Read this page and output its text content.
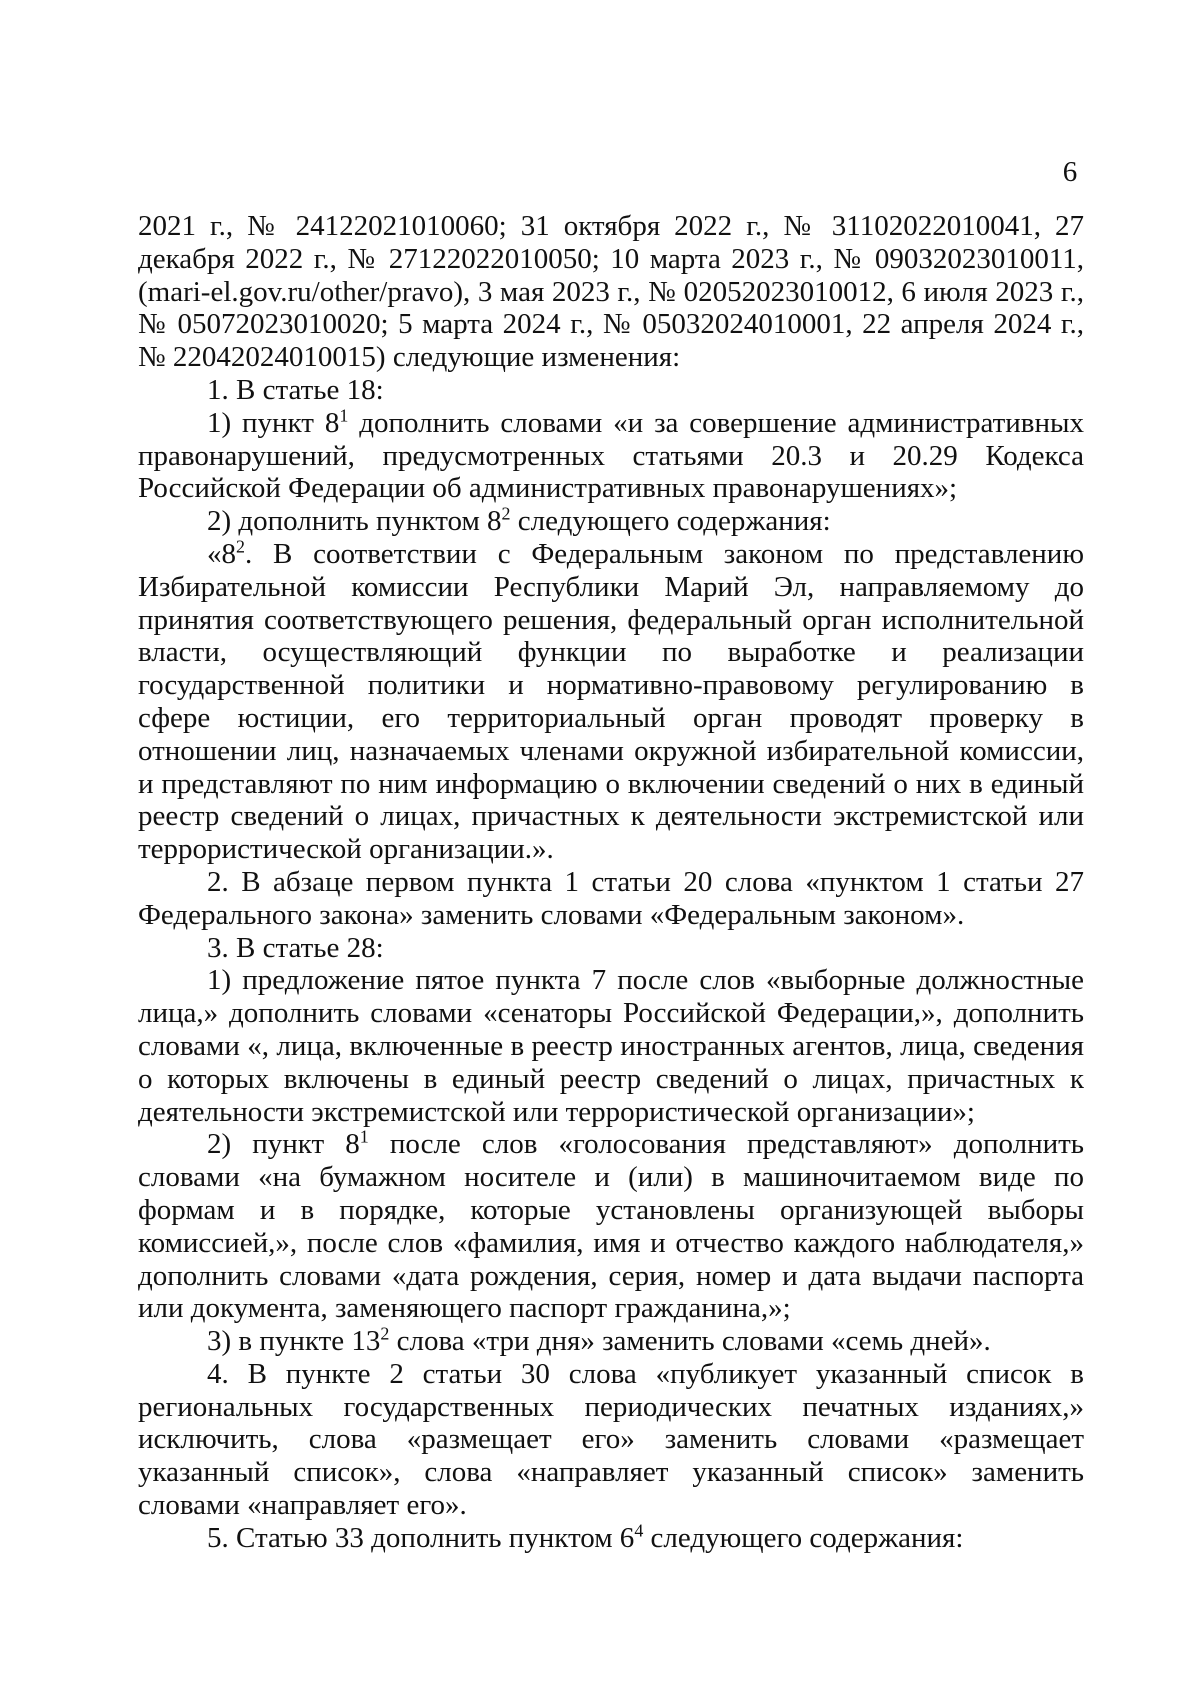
6

2021 г., № 24122021010060; 31 октября 2022 г., № 31102022010041, 27 декабря 2022 г., № 27122022010050; 10 марта 2023 г., № 09032023010011, (mari-el.gov.ru/other/pravo), 3 мая 2023 г., № 02052023010012, 6 июля 2023 г., № 05072023010020; 5 марта 2024 г., № 05032024010001, 22 апреля 2024 г., № 22042024010015) следующие изменения:

1. В статье 18:

1) пункт $8^1$ дополнить словами «и за совершение административных правонарушений, предусмотренных статьями 20.3 и 20.29 Кодекса Российской Федерации об административных правонарушениях»;

2) дополнить пунктом $8^2$ следующего содержания:

«$8^2$. В соответствии с Федеральным законом по представлению Избирательной комиссии Республики Марий Эл, направляемому до принятия соответствующего решения, федеральный орган исполнительной власти, осуществляющий функции по выработке и реализации государственной политики и нормативно-правовому регулированию в сфере юстиции, его территориальный орган проводят проверку в отношении лиц, назначаемых членами окружной избирательной комиссии, и представляют по ним информацию о включении сведений о них в единый реестр сведений о лицах, причастных к деятельности экстремистской или террористической организации.».

2. В абзаце первом пункта 1 статьи 20 слова «пунктом 1 статьи 27 Федерального закона» заменить словами «Федеральным законом».

3. В статье 28:

1) предложение пятое пункта 7 после слов «выборные должностные лица,» дополнить словами «сенаторы Российской Федерации,», дополнить словами «, лица, включенные в реестр иностранных агентов, лица, сведения о которых включены в единый реестр сведений о лицах, причастных к деятельности экстремистской или террористической организации»;

2) пункт $8^1$ после слов «голосования представляют» дополнить словами «на бумажном носителе и (или) в машиночитаемом виде по формам и в порядке, которые установлены организующей выборы комиссией,», после слов «фамилия, имя и отчество каждого наблюдателя,» дополнить словами «дата рождения, серия, номер и дата выдачи паспорта или документа, заменяющего паспорт гражданина,»;

3) в пункте $13^2$ слова «три дня» заменить словами «семь дней».

4. В пункте 2 статьи 30 слова «публикует указанный список в региональных государственных периодических печатных изданиях,» исключить, слова «размещает его» заменить словами «размещает указанный список», слова «направляет указанный список» заменить словами «направляет его».

5. Статью 33 дополнить пунктом $6^4$ следующего содержания:
